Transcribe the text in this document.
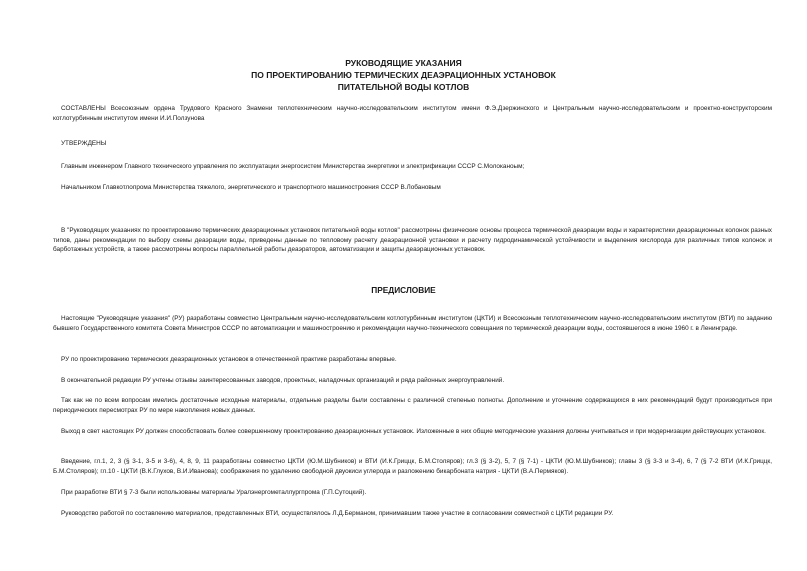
РУКОВОДЯЩИЕ УКАЗАНИЯ
ПО ПРОЕКТИРОВАНИЮ ТЕРМИЧЕСКИХ ДЕАЭРАЦИОННЫХ УСТАНОВОК
ПИТАТЕЛЬНОЙ ВОДЫ КОТЛОВ
СОСТАВЛЕНЫ Всесоюзным ордена Трудового Красного Знамени теплотехническим научно-исследовательским институтом имени Ф.Э.Дзержинского и Центральным научно-исследовательским и проектно-конструкторским котлотурбинным институтом имени И.И.Ползунова
УТВЕРЖДЕНЫ
Главным инженером Главного технического управления по эксплуатации энергосистем Министерства энергетики и электрификации СССР С.Молоканоым;
Начальником Главкотлопрома Министерства тяжелого, энергетического и транспортного машиностроения СССР В.Лобановым
В "Руководящих указаниях по проектированию термических деаэрационных установок питательной воды котлов" рассмотрены физические основы процесса термической деаэрации воды и характеристики деаэрационных колонок разных типов, даны рекомендации по выбору схемы деаэрации воды, приведены данные по тепловому расчету деаэрационной установки и расчету гидродинамической устойчивости и выделения кислорода для различных типов колонок и барботажных устройств, а также рассмотрены вопросы параллельной работы деаэраторов, автоматизации и защиты деаэрационных установок.
ПРЕДИСЛОВИЕ
Настоящие "Руководящие указания" (РУ) разработаны совместно Центральным научно-исследовательским котлотурбинным институтом (ЦКТИ) и Всесоюзным теплотехническим научно-исследовательским институтом (ВТИ) по заданию бывшего Государственного комитета Совета Министров СССР по автоматизации и машиностроению и рекомендации научно-технического совещания по термической деаэрации воды, состоявшегося в июне 1960 г. в Ленинграде.
РУ по проектированию термических деаэрационных установок в отечественной практике разработаны впервые.
В окончательной редакции РУ учтены отзывы заинтересованных заводов, проектных, наладочных организаций и ряда районных энергоуправлений.
Так как не по всем вопросам имелись достаточные исходные материалы, отдельные разделы были составлены с различной степенью полноты. Дополнение и уточнение содержащихся в них рекомендаций будут производиться при периодических пересмотрах РУ по мере накопления новых данных.
Выход в свет настоящих РУ должен способствовать более совершенному проектированию деаэрационных установок. Изложенные в них общие методические указания должны учитываться и при модернизации действующих установок.
Введение, гл.1, 2, 3 (§ 3-1, 3-5 и 3-6), 4, 8, 9, 11 разработаны совместно ЦКТИ (Ю.М.Шубников) и ВТИ (И.К.Гриццк, Б.М.Столяров); гл.3 (§ 3-2), 5, 7 (§ 7-1) - ЦКТИ (Ю.М.Шубников); главы 3 (§ 3-3 и 3-4), 6, 7 (§ 7-2 ВТИ (И.К.Гриццк, Б.М.Столяров); гл.10 - ЦКТИ (В.К.Глухов, В.И.Иванова); соображения по удалению свободной двуокиси углерода и разложению бикарбоната натрия - ЦКТИ (В.А.Пермяков).
При разработке ВТИ § 7-3 были использованы материалы Уралэнергометаллургпрома (Г.П.Сутоцкий).
Руководство работой по составлению материалов, представленных ВТИ, осуществлялось Л.Д.Берманом, принимавшим также участие в согласовании совместной с ЦКТИ редакции РУ.
